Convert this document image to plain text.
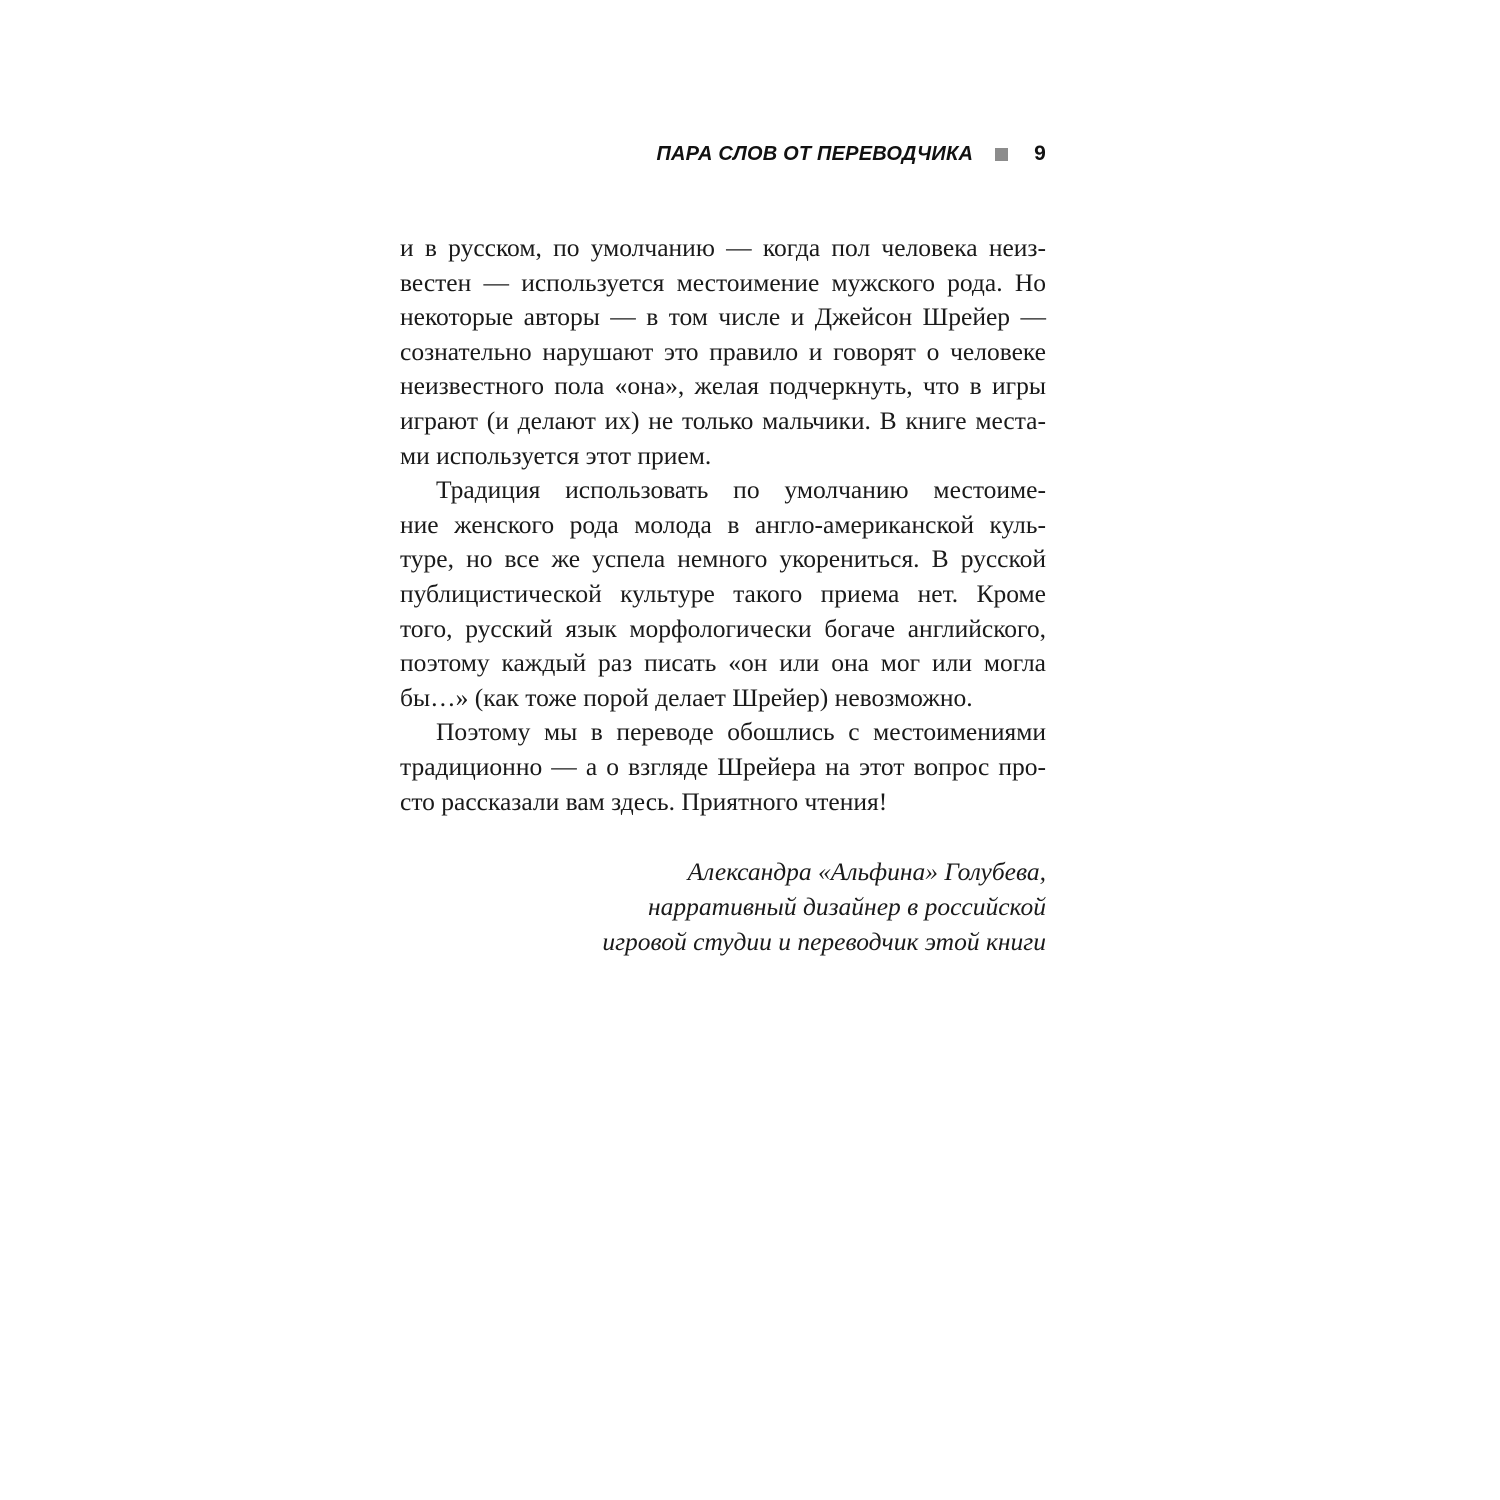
ПАРА СЛОВ ОТ ПЕРЕВОДЧИКА	9
и в русском, по умолчанию — когда пол человека неиз-
вестен — используется местоимение мужского рода. Но
некоторые авторы — в том числе и Джейсон Шрейер —
сознательно нарушают это правило и говорят о человеке
неизвестного пола «она», желая подчеркнуть, что в игры
играют (и делают их) не только мальчики. В книге места-
ми используется этот прием.
Традиция использовать по умолчанию местоиме-
ние женского рода молода в англо-американской куль-
туре, но все же успела немного укорениться. В русской
публицистической культуре такого приема нет. Кроме
того, русский язык морфологически богаче английского,
поэтому каждый раз писать «он или она мог или могла
бы…» (как тоже порой делает Шрейер) невозможно.
Поэтому мы в переводе обошлись с местоимениями
традиционно — а о взгляде Шрейера на этот вопрос про-
сто рассказали вам здесь. Приятного чтения!
Александра «Альфина» Голубева,
нарративный дизайнер в российской
игровой студии и переводчик этой книги
